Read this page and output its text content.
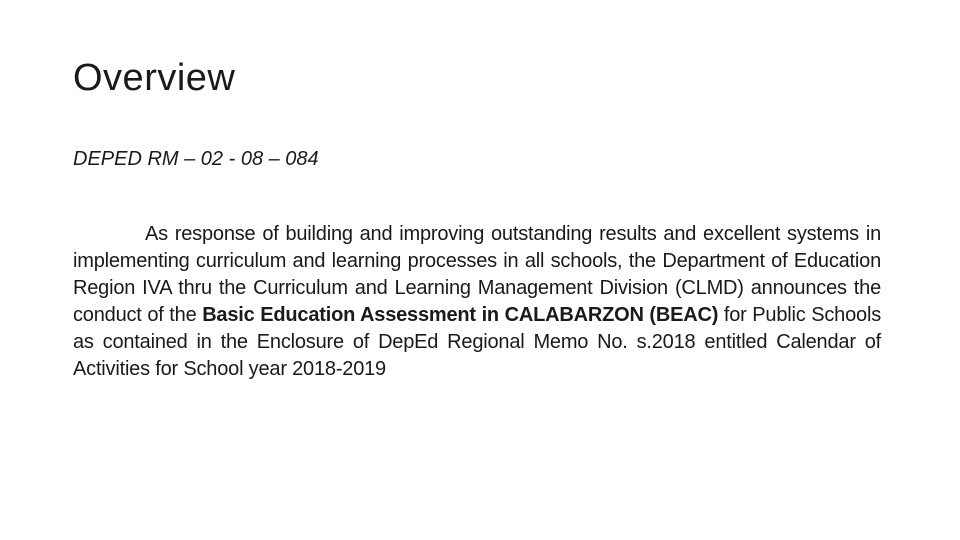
Overview

DEPED RM – 02 - 08 – 084

As response of building and improving outstanding results and excellent systems in implementing curriculum and learning processes in all schools, the Department of Education Region IVA thru the Curriculum and Learning Management Division (CLMD) announces the conduct of the Basic Education Assessment in CALABARZON (BEAC) for Public Schools as contained in the Enclosure of DepEd Regional Memo No. s.2018 entitled Calendar of Activities for School year 2018-2019
